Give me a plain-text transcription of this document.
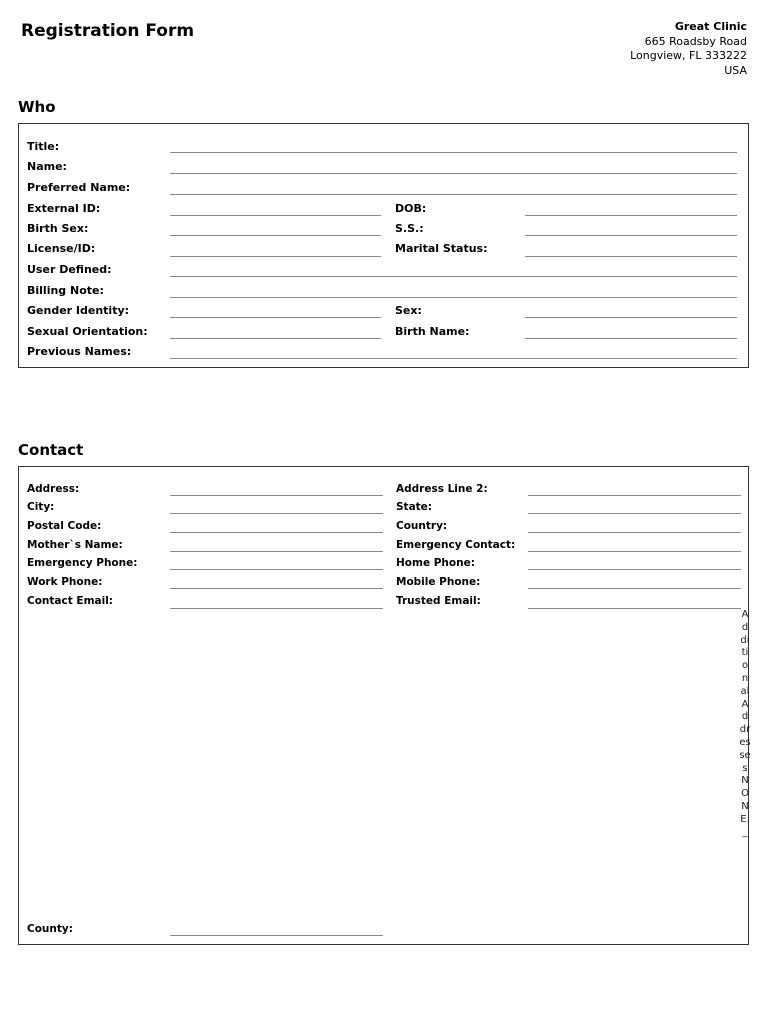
Registration Form	Great Clinic
665 Roadsby Road
Longview, FL 333222
USA
Who
Title:
Name:
Preferred Name:
External ID:	DOB:
Birth Sex:	S.S.:
License/ID:	Marital Status:
User Defined:
Billing Note:
Gender Identity:	Sex:
Sexual Orientation:	Birth Name:
Previous Names:
Contact
Address:	Address Line 2:
City:	State:
Postal Code:	Country:
Mother`s Name:	Emergency Contact:
Emergency Phone:	Home Phone:
Work Phone:	Mobile Phone:
Contact Email:	Trusted Email:
AdditionalAddressesNONE._
County:
